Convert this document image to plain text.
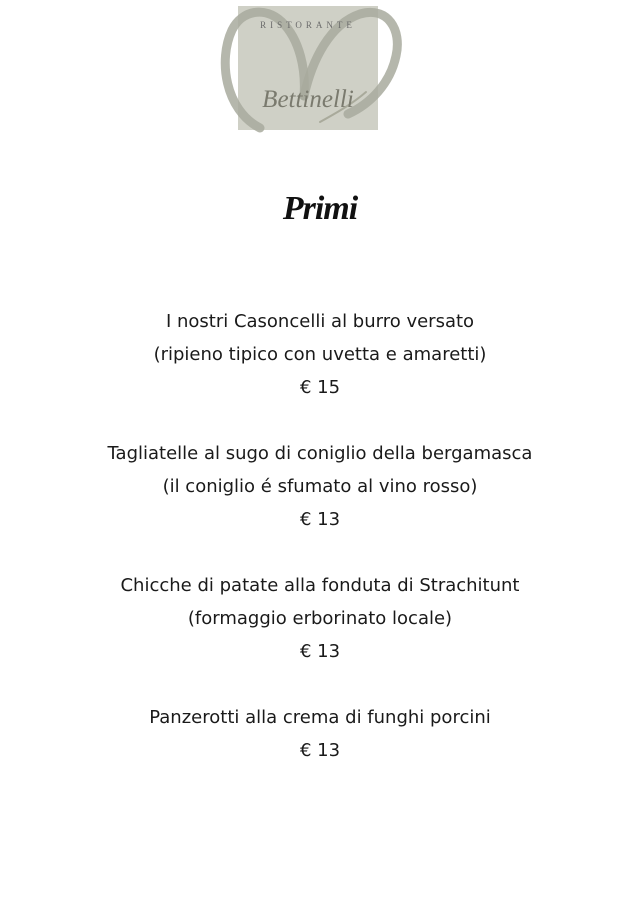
RISTORANTE
Bettinelli
Primi
I nostri Casoncelli al burro versato
(ripieno tipico con uvetta e amaretti)
€ 15
Tagliatelle al sugo di coniglio della bergamasca
(il coniglio é sfumato al vino rosso)
€ 13
Chicche di patate alla fonduta di Strachitunt
(formaggio erborinato locale)
€ 13
Panzerotti alla crema di funghi porcini
€ 13
